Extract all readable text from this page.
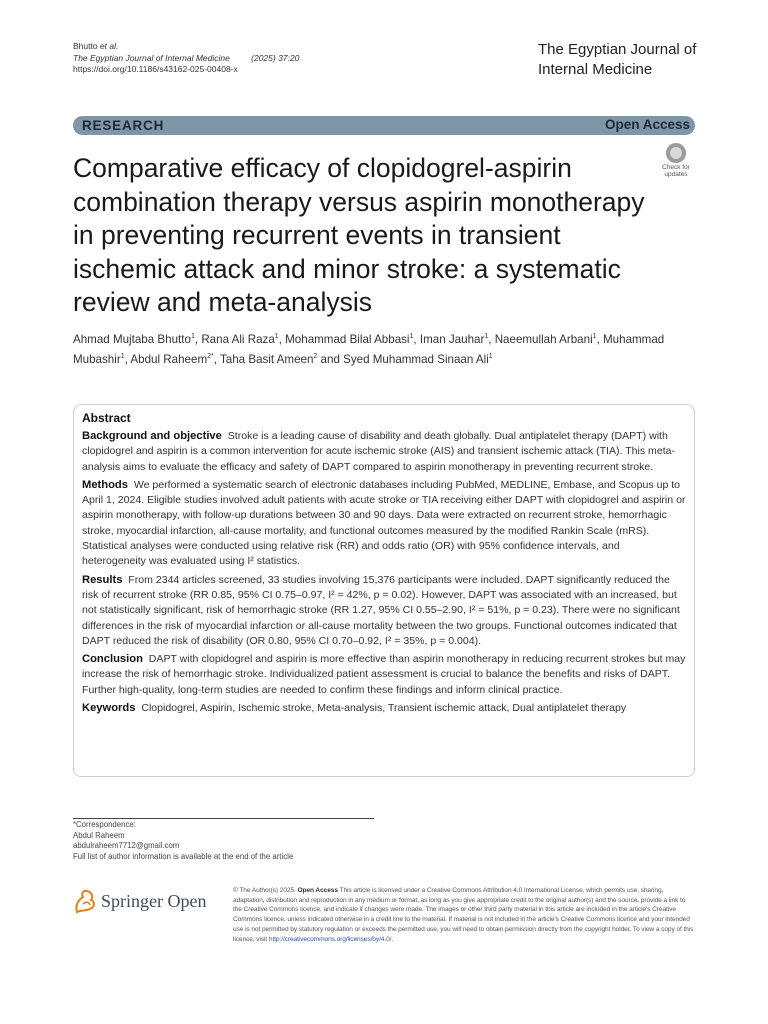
Bhutto et al.
The Egyptian Journal of Internal Medicine	(2025) 37:20
https://doi.org/10.1186/s43162-025-00408-x
The Egyptian Journal of Internal Medicine
RESEARCH	Open Access
Comparative efficacy of clopidogrel-aspirin combination therapy versus aspirin monotherapy in preventing recurrent events in transient ischemic attack and minor stroke: a systematic review and meta-analysis
Check for updates
Ahmad Mujtaba Bhutto$^1$, Rana Ali Raza$^1$, Mohammad Bilal Abbasi$^1$, Iman Jauhar$^1$, Naeemullah Arbani$^1$, Muhammad Mubashir$^1$, Abdul Raheem$^{2*}$, Taha Basit Ameen$^2$ and Syed Muhammad Sinaan Ali$^1$
Abstract

Background and objective Stroke is a leading cause of disability and death globally. Dual antiplatelet therapy (DAPT) with clopidogrel and aspirin is a common intervention for acute ischemic stroke (AIS) and transient ischemic attack (TIA). This meta-analysis aims to evaluate the efficacy and safety of DAPT compared to aspirin monotherapy in preventing recurrent stroke.

Methods We performed a systematic search of electronic databases including PubMed, MEDLINE, Embase, and Scopus up to April 1, 2024. Eligible studies involved adult patients with acute stroke or TIA receiving either DAPT with clopidogrel and aspirin or aspirin monotherapy, with follow-up durations between 30 and 90 days. Data were extracted on recurrent stroke, hemorrhagic stroke, myocardial infarction, all-cause mortality, and functional outcomes measured by the modified Rankin Scale (mRS). Statistical analyses were conducted using relative risk (RR) and odds ratio (OR) with 95% confidence intervals, and heterogeneity was evaluated using I² statistics.

Results From 2344 articles screened, 33 studies involving 15,376 participants were included. DAPT significantly reduced the risk of recurrent stroke (RR 0.85, 95% CI 0.75–0.97, I² = 42%, p = 0.02). However, DAPT was associated with an increased, but not statistically significant, risk of hemorrhagic stroke (RR 1.27, 95% CI 0.55–2.90, I² = 51%, p = 0.23). There were no significant differences in the risk of myocardial infarction or all-cause mortality between the two groups. Functional outcomes indicated that DAPT reduced the risk of disability (OR 0.80, 95% CI 0.70–0.92, I² = 35%, p = 0.004).

Conclusion DAPT with clopidogrel and aspirin is more effective than aspirin monotherapy in reducing recurrent strokes but may increase the risk of hemorrhagic stroke. Individualized patient assessment is crucial to balance the benefits and risks of DAPT. Further high-quality, long-term studies are needed to confirm these findings and inform clinical practice.

Keywords Clopidogrel, Aspirin, Ischemic stroke, Meta-analysis, Transient ischemic attack, Dual antiplatelet therapy

*Correspondence:
Abdul Raheem
abdulraheem7712@gmail.com
Full list of author information is available at the end of the article
Springer Open
© The Author(s) 2025. Open Access This article is licensed under a Creative Commons Attribution 4.0 International License, which permits use, sharing, adaptation, distribution and reproduction in any medium or format, as long as you give appropriate credit to the original author(s) and the source, provide a link to the Creative Commons licence, and indicate if changes were made. The images or other third party material in this article are included in the article's Creative Commons licence, unless indicated otherwise in a credit line to the material. If material is not included in the article's Creative Commons licence and your intended use is not permitted by statutory regulation or exceeds the permitted use, you will need to obtain permission directly from the copyright holder. To view a copy of this licence, visit http://creativecommons.org/licenses/by/4.0/.
